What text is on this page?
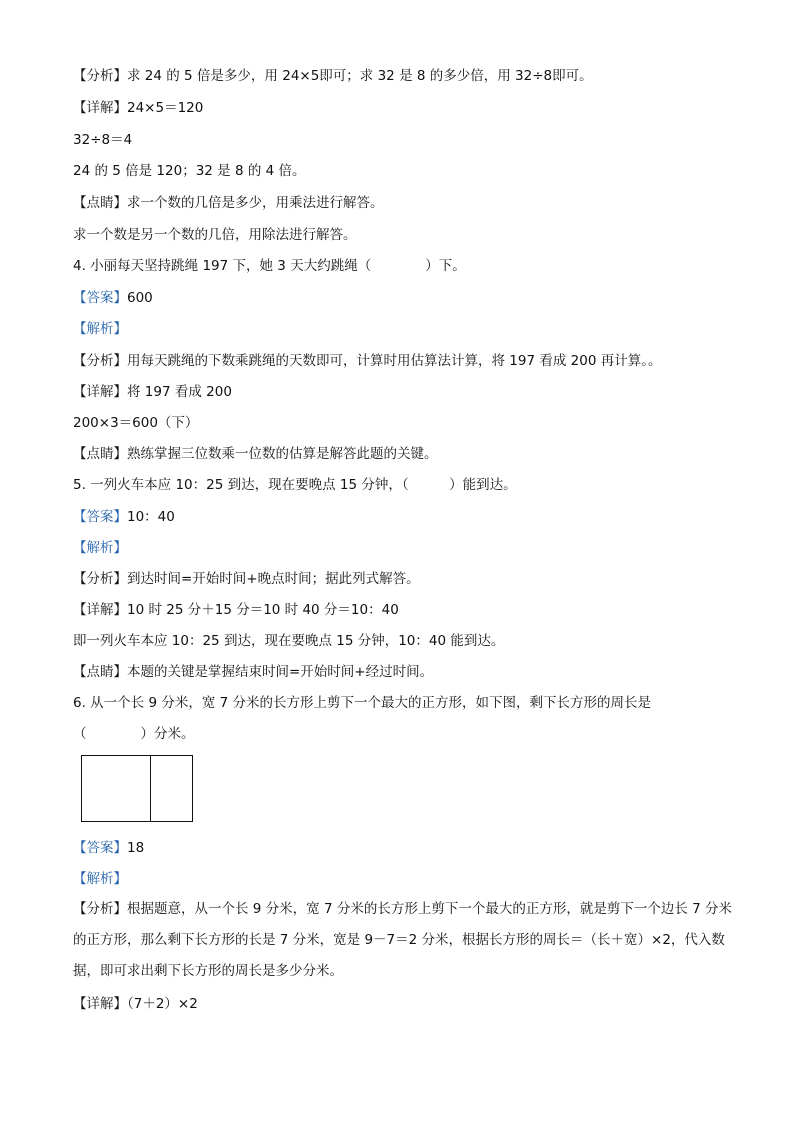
【分析】求 24 的 5 倍是多少，用 24×5即可；求 32 是 8 的多少倍，用 32÷8即可。
【详解】24×5＝120
32÷8＝4
24 的 5 倍是 120；32 是 8 的 4 倍。
【点睛】求一个数的几倍是多少，用乘法进行解答。
求一个数是另一个数的几倍，用除法进行解答。
4. 小丽每天坚持跳绳 197 下，她 3 天大约跳绳（　　　　）下。
【答案】600
【解析】
【分析】用每天跳绳的下数乘跳绳的天数即可，计算时用估算法计算，将 197 看成 200 再计算。。
【详解】将 197 看成 200
200×3＝600（下）
【点睛】熟练掌握三位数乘一位数的估算是解答此题的关键。
5. 一列火车本应 10：25 到达，现在要晚点 15 分钟，（　　　）能到达。
【答案】10：40
【解析】
【分析】到达时间=开始时间+晚点时间；据此列式解答。
【详解】10 时 25 分＋15 分＝10 时 40 分＝10：40
即一列火车本应 10：25 到达，现在要晚点 15 分钟，10：40 能到达。
【点睛】本题的关键是掌握结束时间=开始时间+经过时间。
6. 从一个长 9 分米，宽 7 分米的长方形上剪下一个最大的正方形，如下图，剩下长方形的周长是
（　　　　）分米。
【答案】18
【解析】
【分析】根据题意，从一个长 9 分米，宽 7 分米的长方形上剪下一个最大的正方形，就是剪下一个边长 7 分米的正方形，那么剩下长方形的长是 7 分米，宽是 9－7＝2 分米，根据长方形的周长＝（长＋宽）×2，代入数据，即可求出剩下长方形的周长是多少分米。
【详解】（7＋2）×2
